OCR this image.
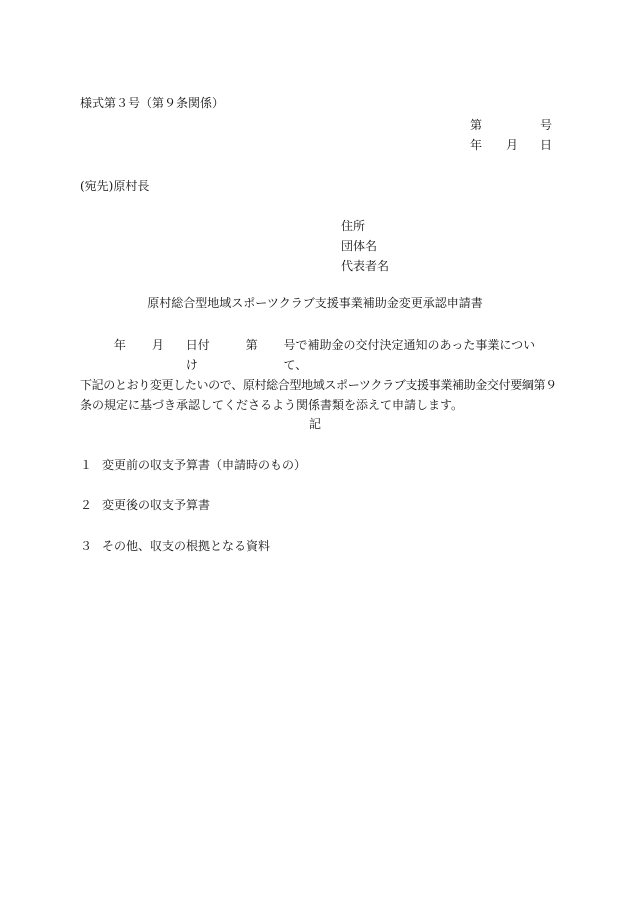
様式第３号（第９条関係）
第	号
年 月 日
(宛先)原村長
住所
団体名
代表者名
原村総合型地域スポーツクラブ支援事業補助金変更承認申請書
年 月 日付け
第 号で補助金の交付決定通知のあった事業について、
下記のとおり変更したいので、原村総合型地域スポーツクラブ支援事業補助金交付要綱第９
条の規定に基づき承認してくださるよう関係書類を添えて申請します。
記
１ 変更前の収支予算書（申請時のもの）
２ 変更後の収支予算書
３ その他、収支の根拠となる資料
